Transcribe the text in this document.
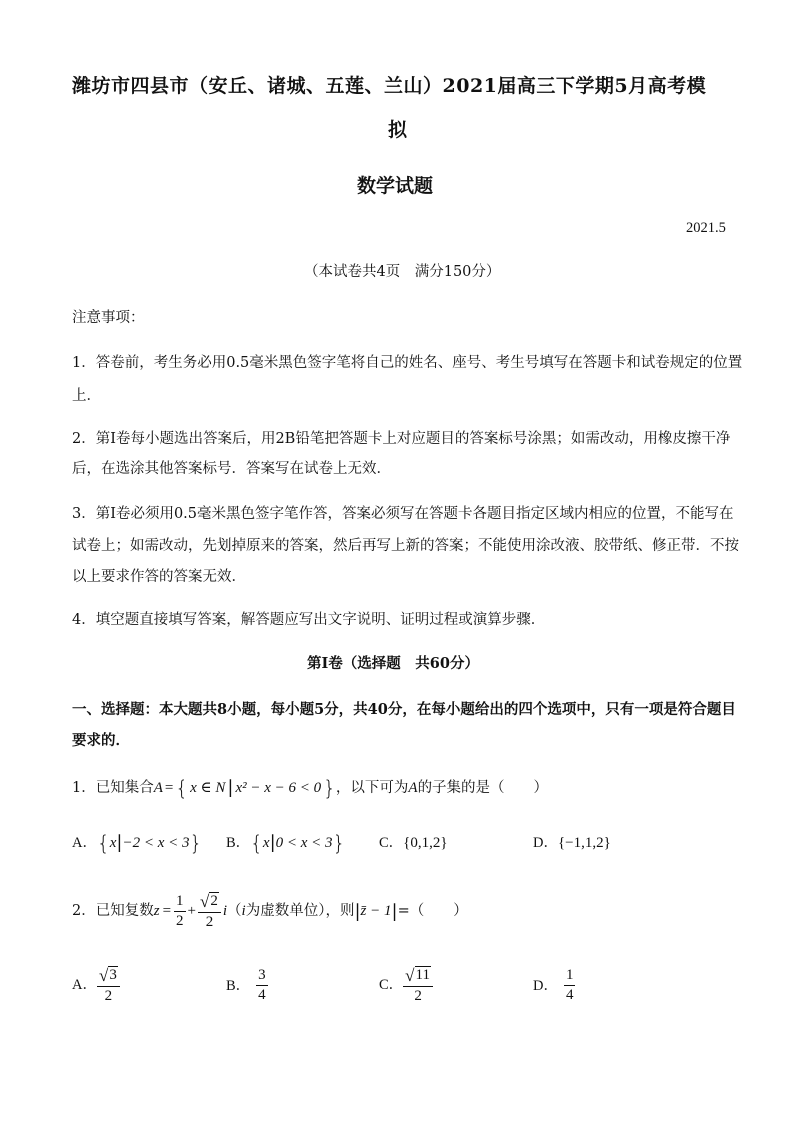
潍坊市四县市（安丘、诸城、五莲、兰山）2021届高三下学期5月高考模
拟
数学试题
2021.5
（本试卷共4页　满分150分）
注意事项：
1．答卷前，考生务必用0.5毫米黑色签字笔将自己的姓名、座号、考生号填写在答题卡和试卷规定的位置
上．
2．第Ⅰ卷每小题选出答案后，用2B铅笔把答题卡上对应题目的答案标号涂黑；如需改动，用橡皮擦干净
后，在选涂其他答案标号．答案写在试卷上无效．
3．第Ⅰ卷必须用0.5毫米黑色签字笔作答，答案必须写在答题卡各题目指定区域内相应的位置，不能写在
试卷上；如需改动，先划掉原来的答案，然后再写上新的答案；不能使用涂改液、胶带纸、修正带．不按
以上要求作答的答案无效．
4．填空题直接填写答案，解答题应写出文字说明、证明过程或演算步骤．
第Ⅰ卷（选择题　共60分）
一、选择题：本大题共8小题，每小题5分，共40分，在每小题给出的四个选项中，只有一项是符合题目
要求的．
1．已知集合 A = { x ∈ N | x² − x − 6 < 0 } ，以下可为 A 的子集的是（　　）
A． { x | −2 < x < 3 } B． { x | 0 < x < 3 } C． {0,1,2}	D． {−1,1,2}
2．已知复数 $z = \frac{1}{2} + \frac{√ 2}{2}$ i （ i 为虚数单位），则 | z̄ − 1 | =（　　）
A． $\frac{√ 3}{2}$	B． $\frac{3}{4}$	C． $\frac{√ 11}{2}$	D． $\frac{1}{4}$
